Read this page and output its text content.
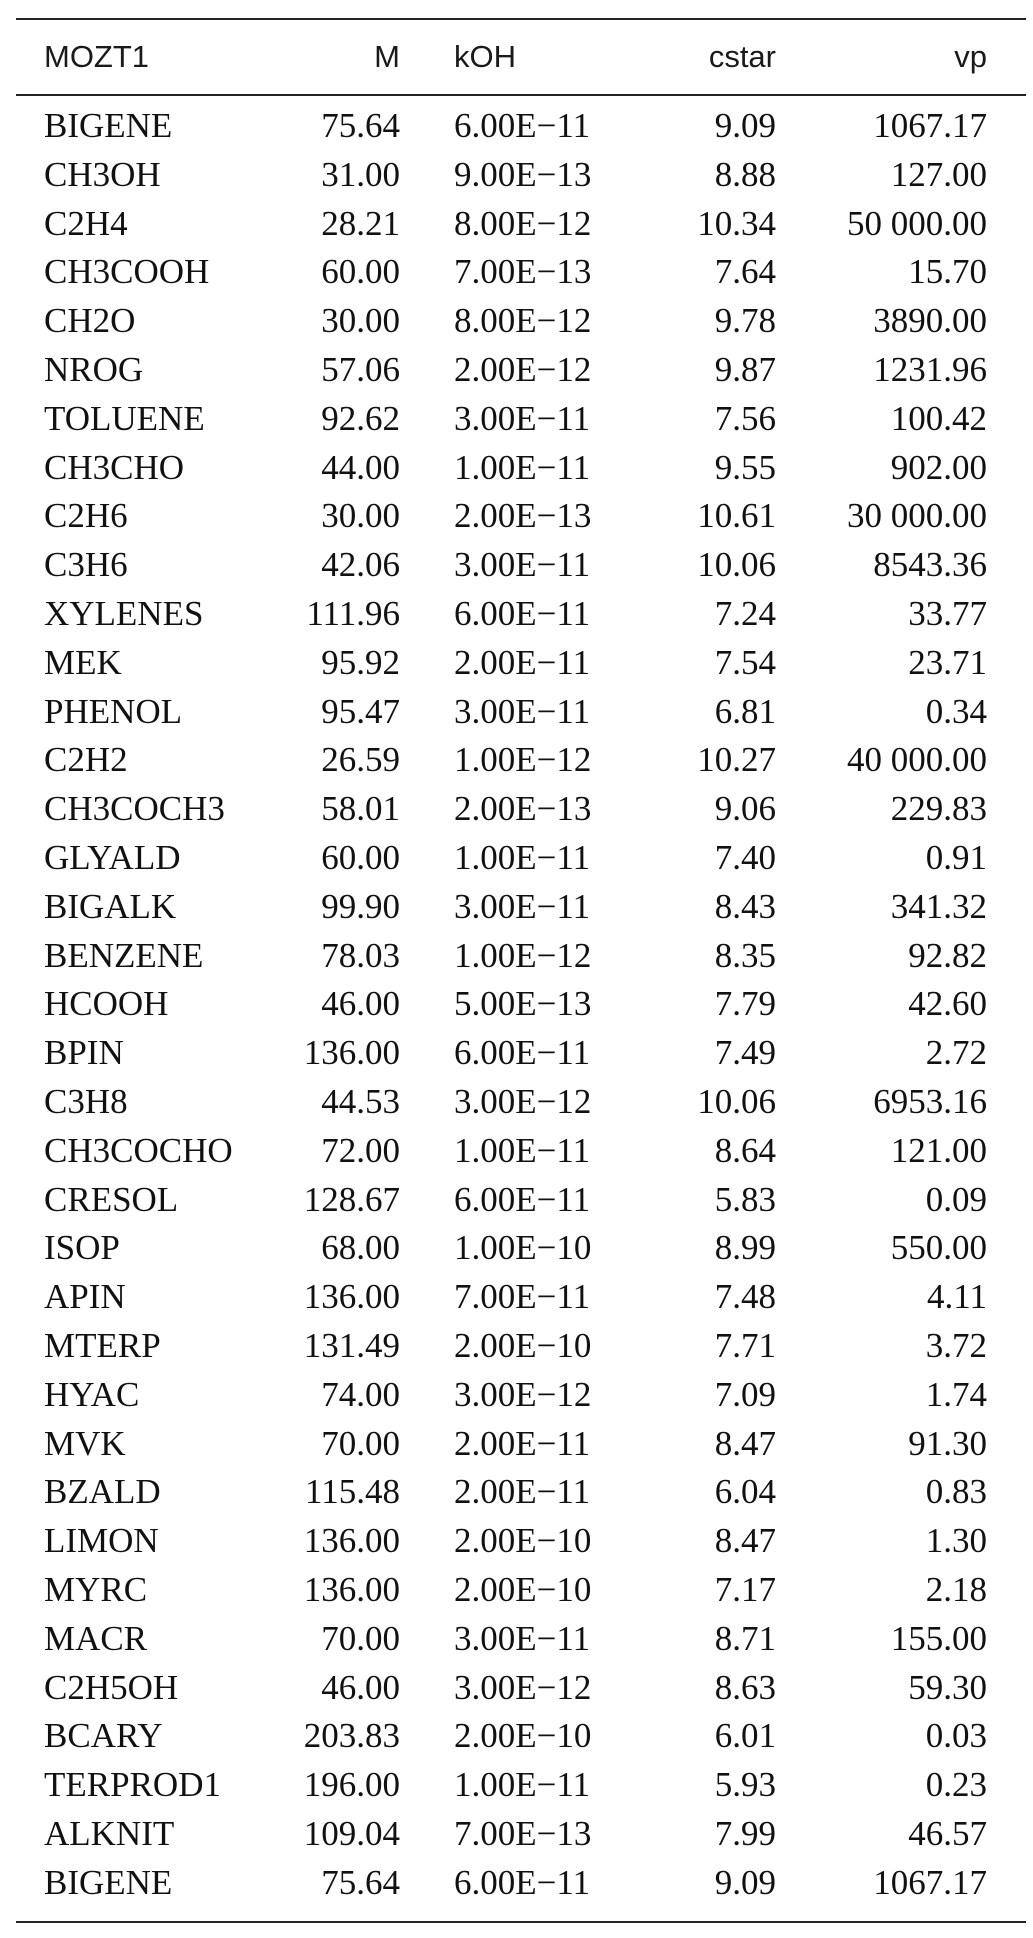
MOZT1	M kOH	cstar	vp
BIGENE	75.64 6.00E−11	9.09	1067.17
CH3OH	31.00 9.00E−13	8.88	127.00
C2H4	28.21 8.00E−12	10.34	50 000.00
CH3COOH	60.00 7.00E−13	7.64	15.70
CH2O	30.00 8.00E−12	9.78	3890.00
NROG	57.06 2.00E−12	9.87	1231.96
TOLUENE	92.62 3.00E−11	7.56	100.42
CH3CHO	44.00 1.00E−11	9.55	902.00
C2H6	30.00 2.00E−13	10.61	30 000.00
C3H6	42.06 3.00E−11	10.06	8543.36
XYLENES	111.96 6.00E−11	7.24	33.77
MEK	95.92 2.00E−11	7.54	23.71
PHENOL	95.47 3.00E−11	6.81	0.34
C2H2	26.59 1.00E−12	10.27	40 000.00
CH3COCH3	58.01 2.00E−13	9.06	229.83
GLYALD	60.00 1.00E−11	7.40	0.91
BIGALK	99.90 3.00E−11	8.43	341.32
BENZENE	78.03 1.00E−12	8.35	92.82
HCOOH	46.00 5.00E−13	7.79	42.60
BPIN	136.00 6.00E−11	7.49	2.72
C3H8	44.53 3.00E−12	10.06	6953.16
CH3COCHO	72.00 1.00E−11	8.64	121.00
CRESOL	128.67 6.00E−11	5.83	0.09
ISOP	68.00 1.00E−10	8.99	550.00
APIN	136.00 7.00E−11	7.48	4.11
MTERP	131.49 2.00E−10	7.71	3.72
HYAC	74.00 3.00E−12	7.09	1.74
MVK	70.00 2.00E−11	8.47	91.30
BZALD	115.48 2.00E−11	6.04	0.83
LIMON	136.00 2.00E−10	8.47	1.30
MYRC	136.00 2.00E−10	7.17	2.18
MACR	70.00 3.00E−11	8.71	155.00
C2H5OH	46.00 3.00E−12	8.63	59.30
BCARY	203.83 2.00E−10	6.01	0.03
TERPROD1	196.00 1.00E−11	5.93	0.23
ALKNIT	109.04 7.00E−13	7.99	46.57
BIGENE	75.64 6.00E−11	9.09	1067.17
